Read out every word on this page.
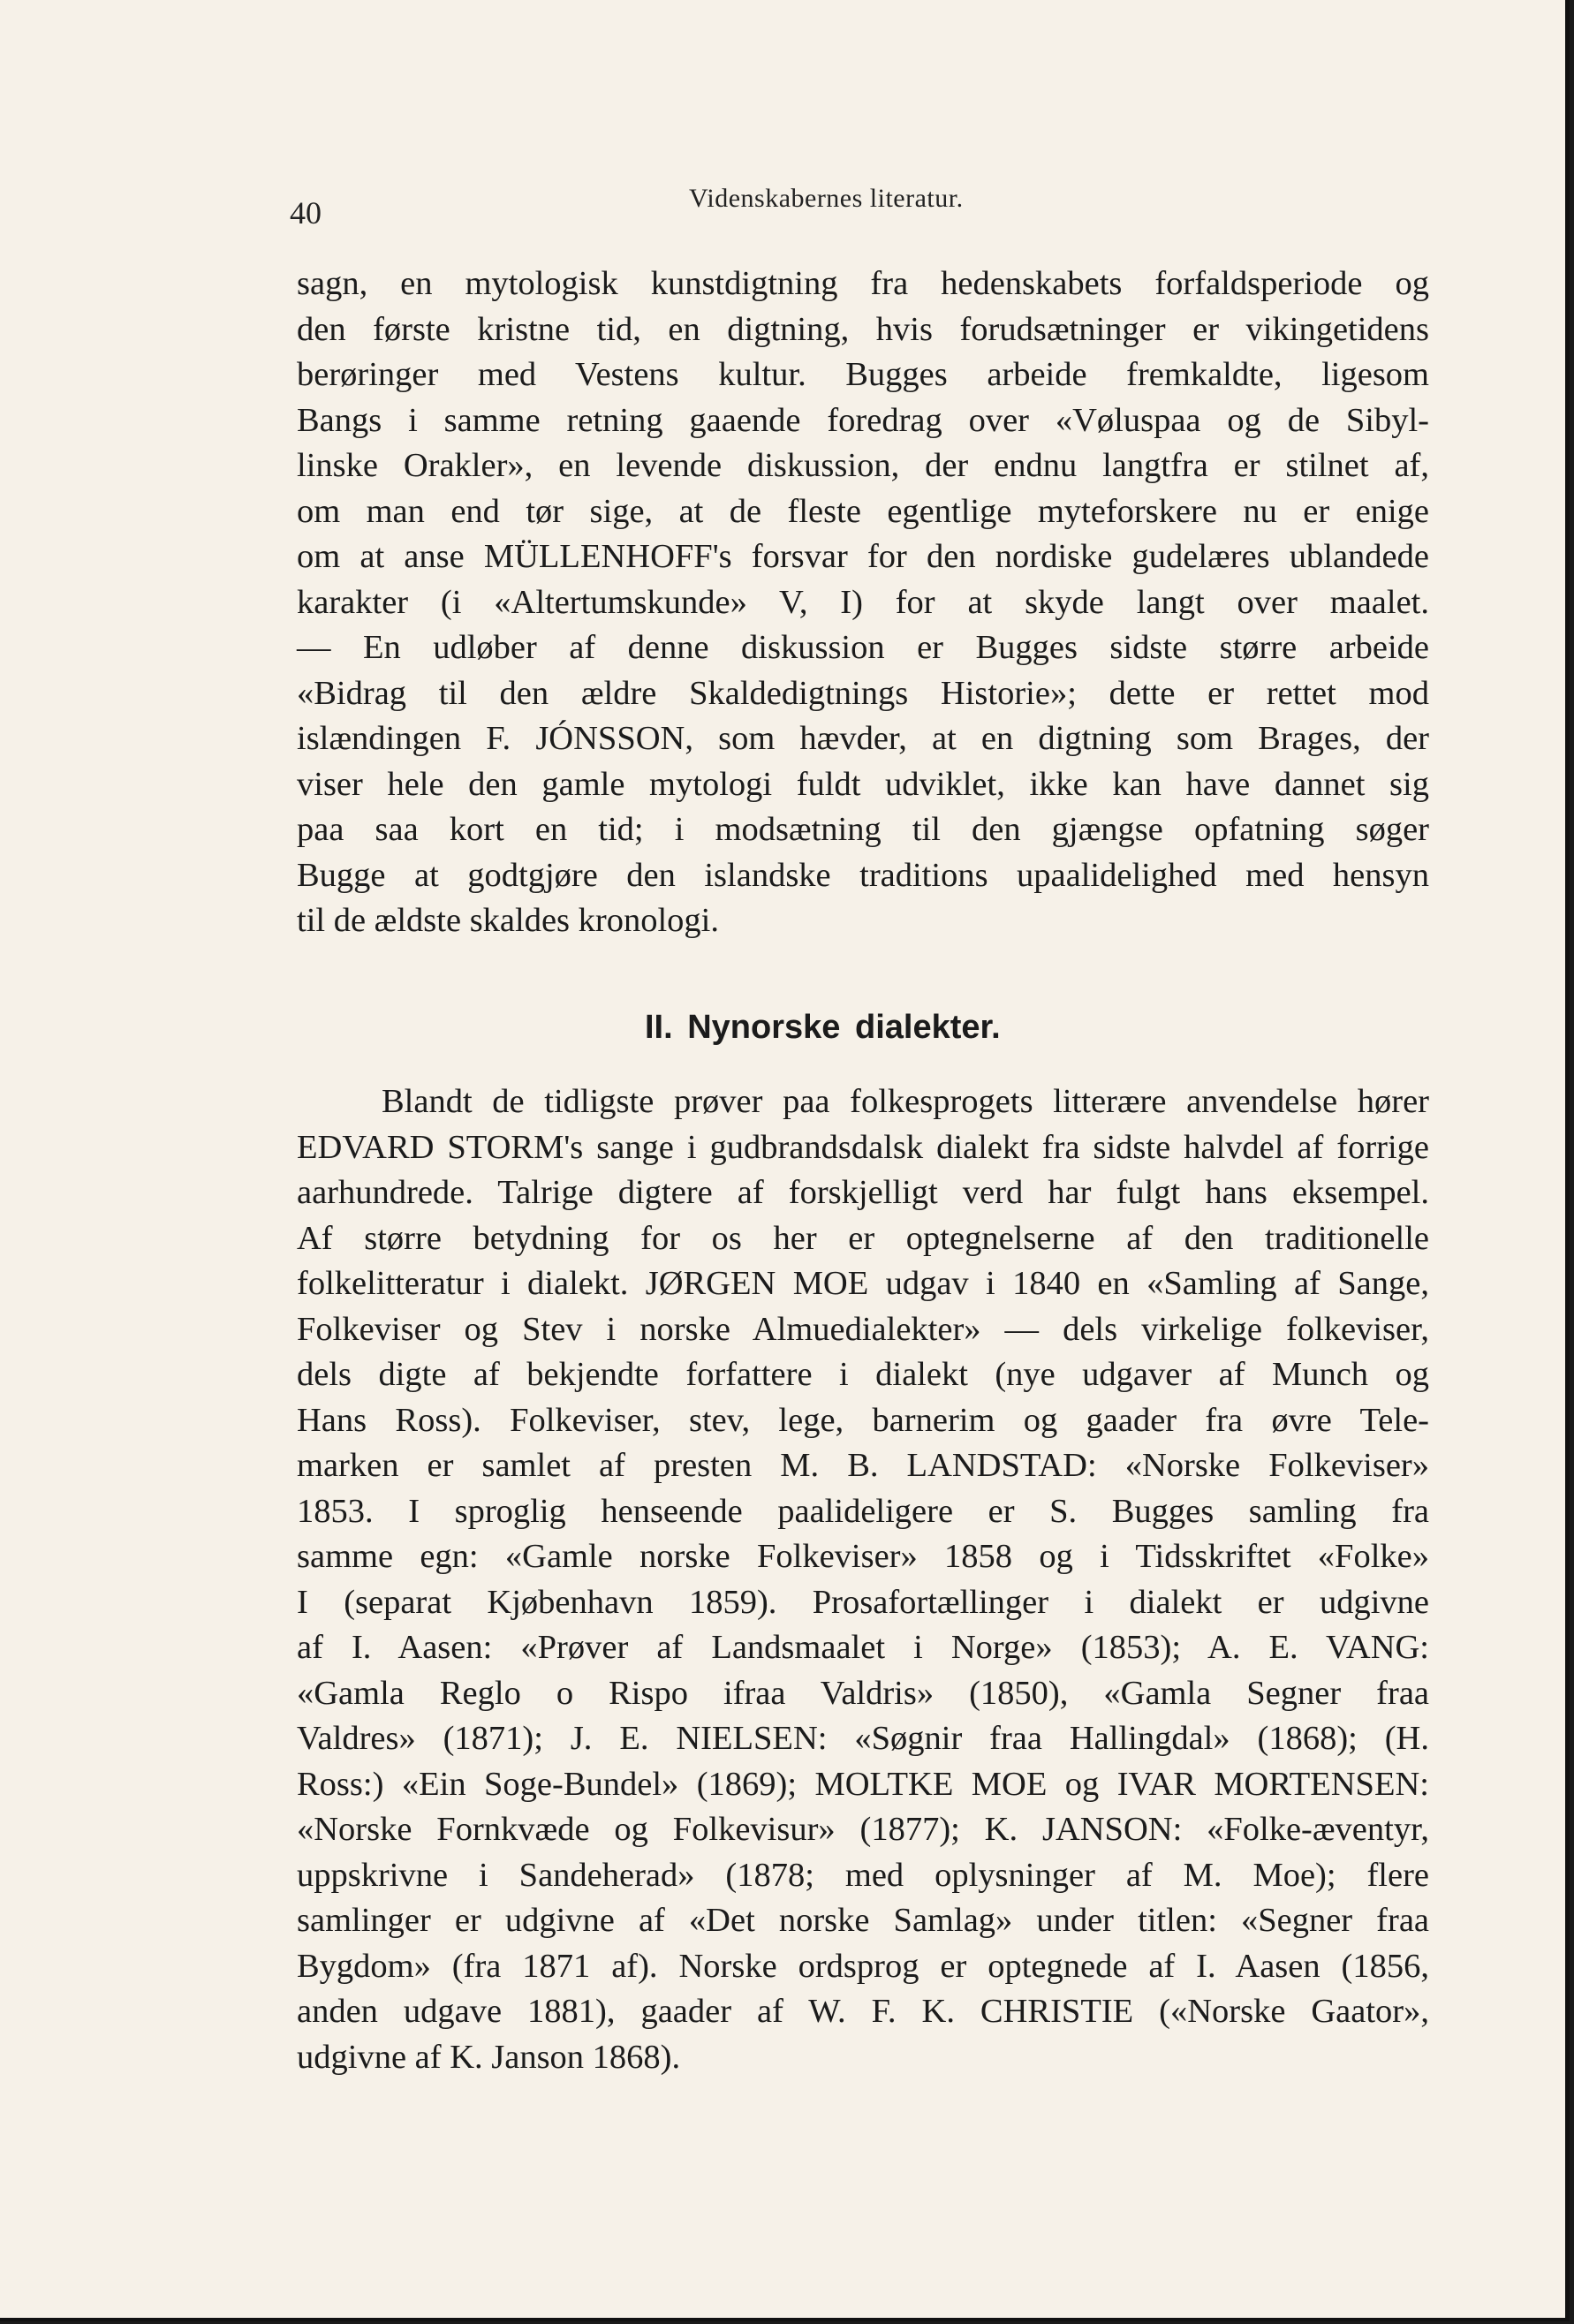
40	Videnskabernes literatur.
sagn, en mytologisk kunstdigtning fra hedenskabets forfaldsperiode og
den første kristne tid, en digtning, hvis forudsætninger er vikingetidens
berøringer med Vestens kultur. Bugges arbeide fremkaldte, ligesom
Bangs i samme retning gaaende foredrag over «Vøluspaa og de Sibyl-
linske Orakler», en levende diskussion, der endnu langtfra er stilnet af,
om man end tør sige, at de fleste egentlige myteforskere nu er enige
om at anse MÜLLENHOFF's forsvar for den nordiske gudelæres ublandede
karakter (i «Altertumskunde» V, I) for at skyde langt over maalet.
— En udløber af denne diskussion er Bugges sidste større arbeide
«Bidrag til den ældre Skaldedigtnings Historie»; dette er rettet mod
islændingen F. JÓNSSON, som hævder, at en digtning som Brages, der
viser hele den gamle mytologi fuldt udviklet, ikke kan have dannet sig
paa saa kort en tid; i modsætning til den gjængse opfatning søger
Bugge at godtgjøre den islandske traditions upaalidelighed med hensyn
til de ældste skaldes kronologi.
II. Nynorske dialekter.
Blandt de tidligste prøver paa folkesprogets litterære anvendelse hører
EDVARD STORM's sange i gudbrandsdalsk dialekt fra sidste halvdel af forrige
aarhundrede. Talrige digtere af forskjelligt verd har fulgt hans eksempel.
Af større betydning for os her er optegnelserne af den traditionelle
folkelitteratur i dialekt. JØRGEN MOE udgav i 1840 en «Samling af Sange,
Folkeviser og Stev i norske Almuedialekter» — dels virkelige folkeviser,
dels digte af bekjendte forfattere i dialekt (nye udgaver af Munch og
Hans Ross). Folkeviser, stev, lege, barnerim og gaader fra øvre Tele-
marken er samlet af presten M. B. LANDSTAD: «Norske Folkeviser»
1853. I sproglig henseende paalideligere er S. Bugges samling fra
samme egn: «Gamle norske Folkeviser» 1858 og i Tidsskriftet «Folke»
I (separat Kjøbenhavn 1859). Prosafortællinger i dialekt er udgivne
af I. Aasen: «Prøver af Landsmaalet i Norge» (1853); A. E. VANG:
«Gamla Reglo o Rispo ifraa Valdris» (1850), «Gamla Segner fraa
Valdres» (1871); J. E. NIELSEN: «Søgnir fraa Hallingdal» (1868); (H.
Ross:) «Ein Soge-Bundel» (1869); MOLTKE MOE og IVAR MORTENSEN:
«Norske Fornkvæde og Folkevisur» (1877); K. JANSON: «Folke-æventyr,
uppskrivne i Sandeherad» (1878; med oplysninger af M. Moe); flere
samlinger er udgivne af «Det norske Samlag» under titlen: «Segner fraa
Bygdom» (fra 1871 af). Norske ordsprog er optegnede af I. Aasen (1856,
anden udgave 1881), gaader af W. F. K. CHRISTIE («Norske Gaator»,
udgivne af K. Janson 1868).
